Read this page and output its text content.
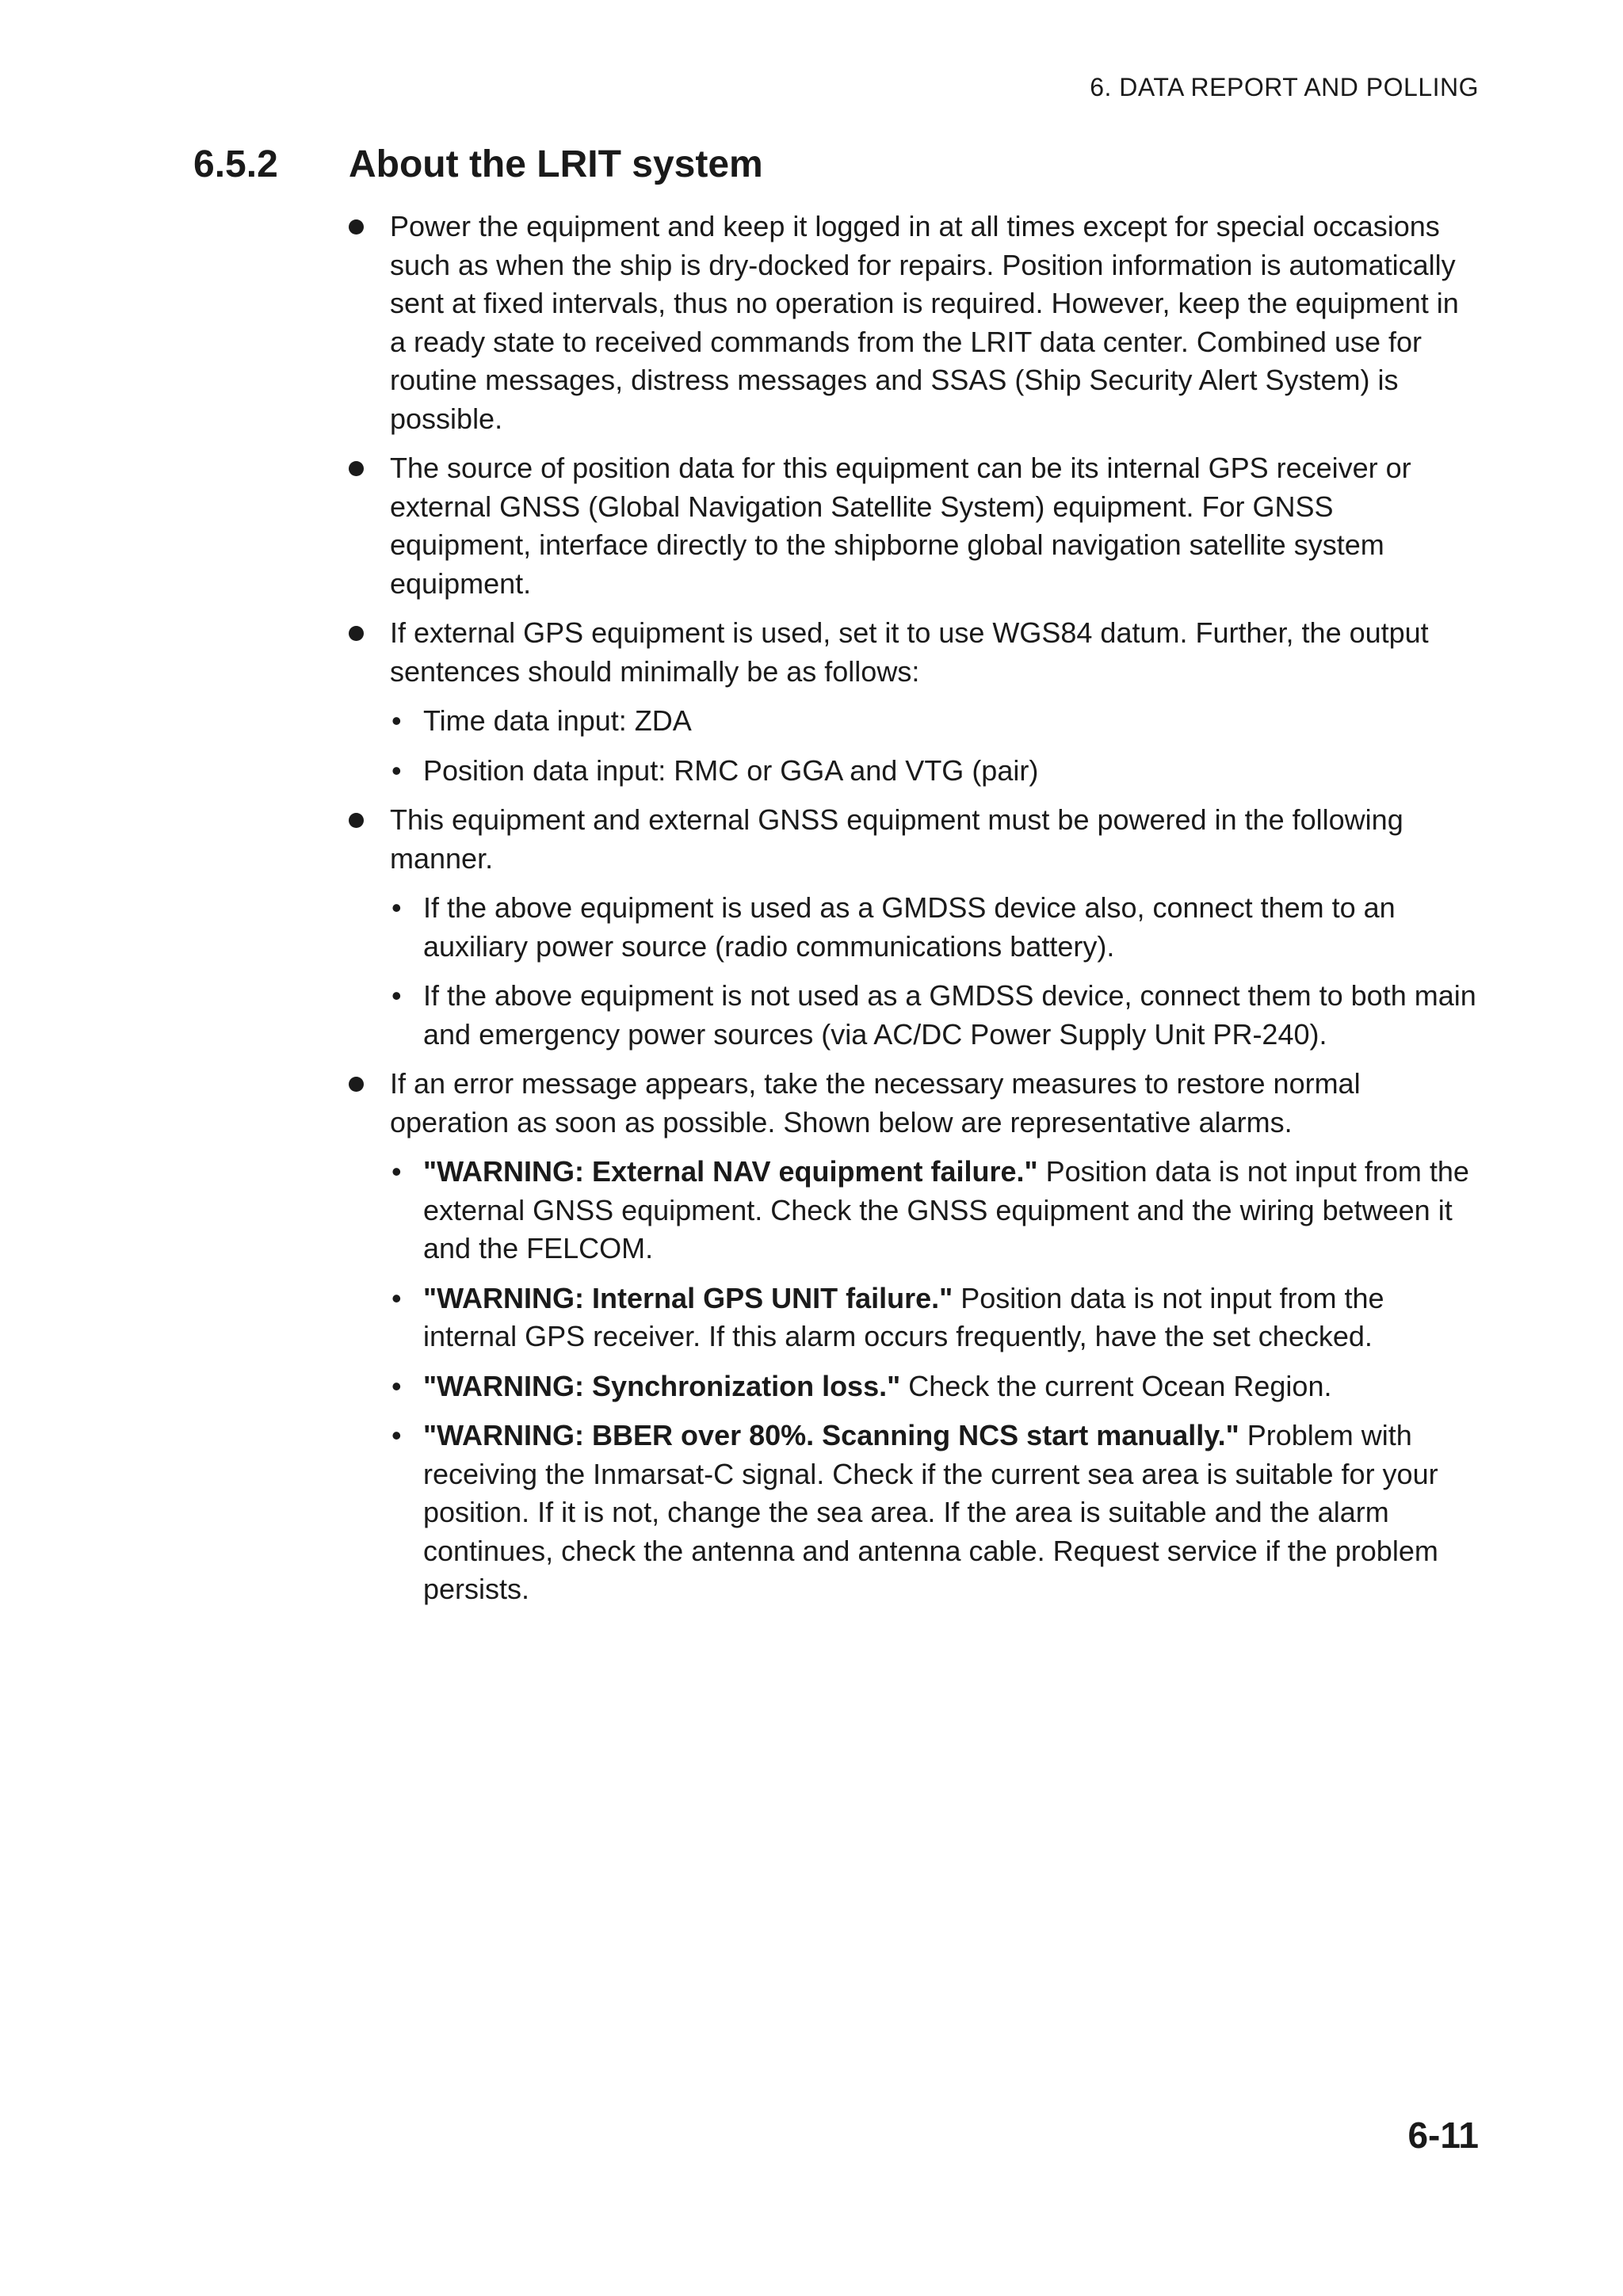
6. DATA REPORT AND POLLING
6.5.2	About the LRIT system
Power the equipment and keep it logged in at all times except for special occasions such as when the ship is dry-docked for repairs. Position information is automatically sent at fixed intervals, thus no operation is required. However, keep the equipment in a ready state to received commands from the LRIT data center. Combined use for routine messages, distress messages and SSAS (Ship Security Alert System) is possible.
The source of position data for this equipment can be its internal GPS receiver or external GNSS (Global Navigation Satellite System) equipment. For GNSS equipment, interface directly to the shipborne global navigation satellite system equipment.
If external GPS equipment is used, set it to use WGS84 datum. Further, the output sentences should minimally be as follows:
• Time data input: ZDA
• Position data input: RMC or GGA and VTG (pair)
This equipment and external GNSS equipment must be powered in the following manner.
• If the above equipment is used as a GMDSS device also, connect them to an auxiliary power source (radio communications battery).
• If the above equipment is not used as a GMDSS device, connect them to both main and emergency power sources (via AC/DC Power Supply Unit PR-240).
If an error message appears, take the necessary measures to restore normal operation as soon as possible. Shown below are representative alarms.
• "WARNING: External NAV equipment failure." Position data is not input from the external GNSS equipment. Check the GNSS equipment and the wiring between it and the FELCOM.
• "WARNING: Internal GPS UNIT failure." Position data is not input from the internal GPS receiver. If this alarm occurs frequently, have the set checked.
• "WARNING: Synchronization loss." Check the current Ocean Region.
• "WARNING: BBER over 80%. Scanning NCS start manually." Problem with receiving the Inmarsat-C signal. Check if the current sea area is suitable for your position. If it is not, change the sea area. If the area is suitable and the alarm continues, check the antenna and antenna cable. Request service if the problem persists.
6-11
